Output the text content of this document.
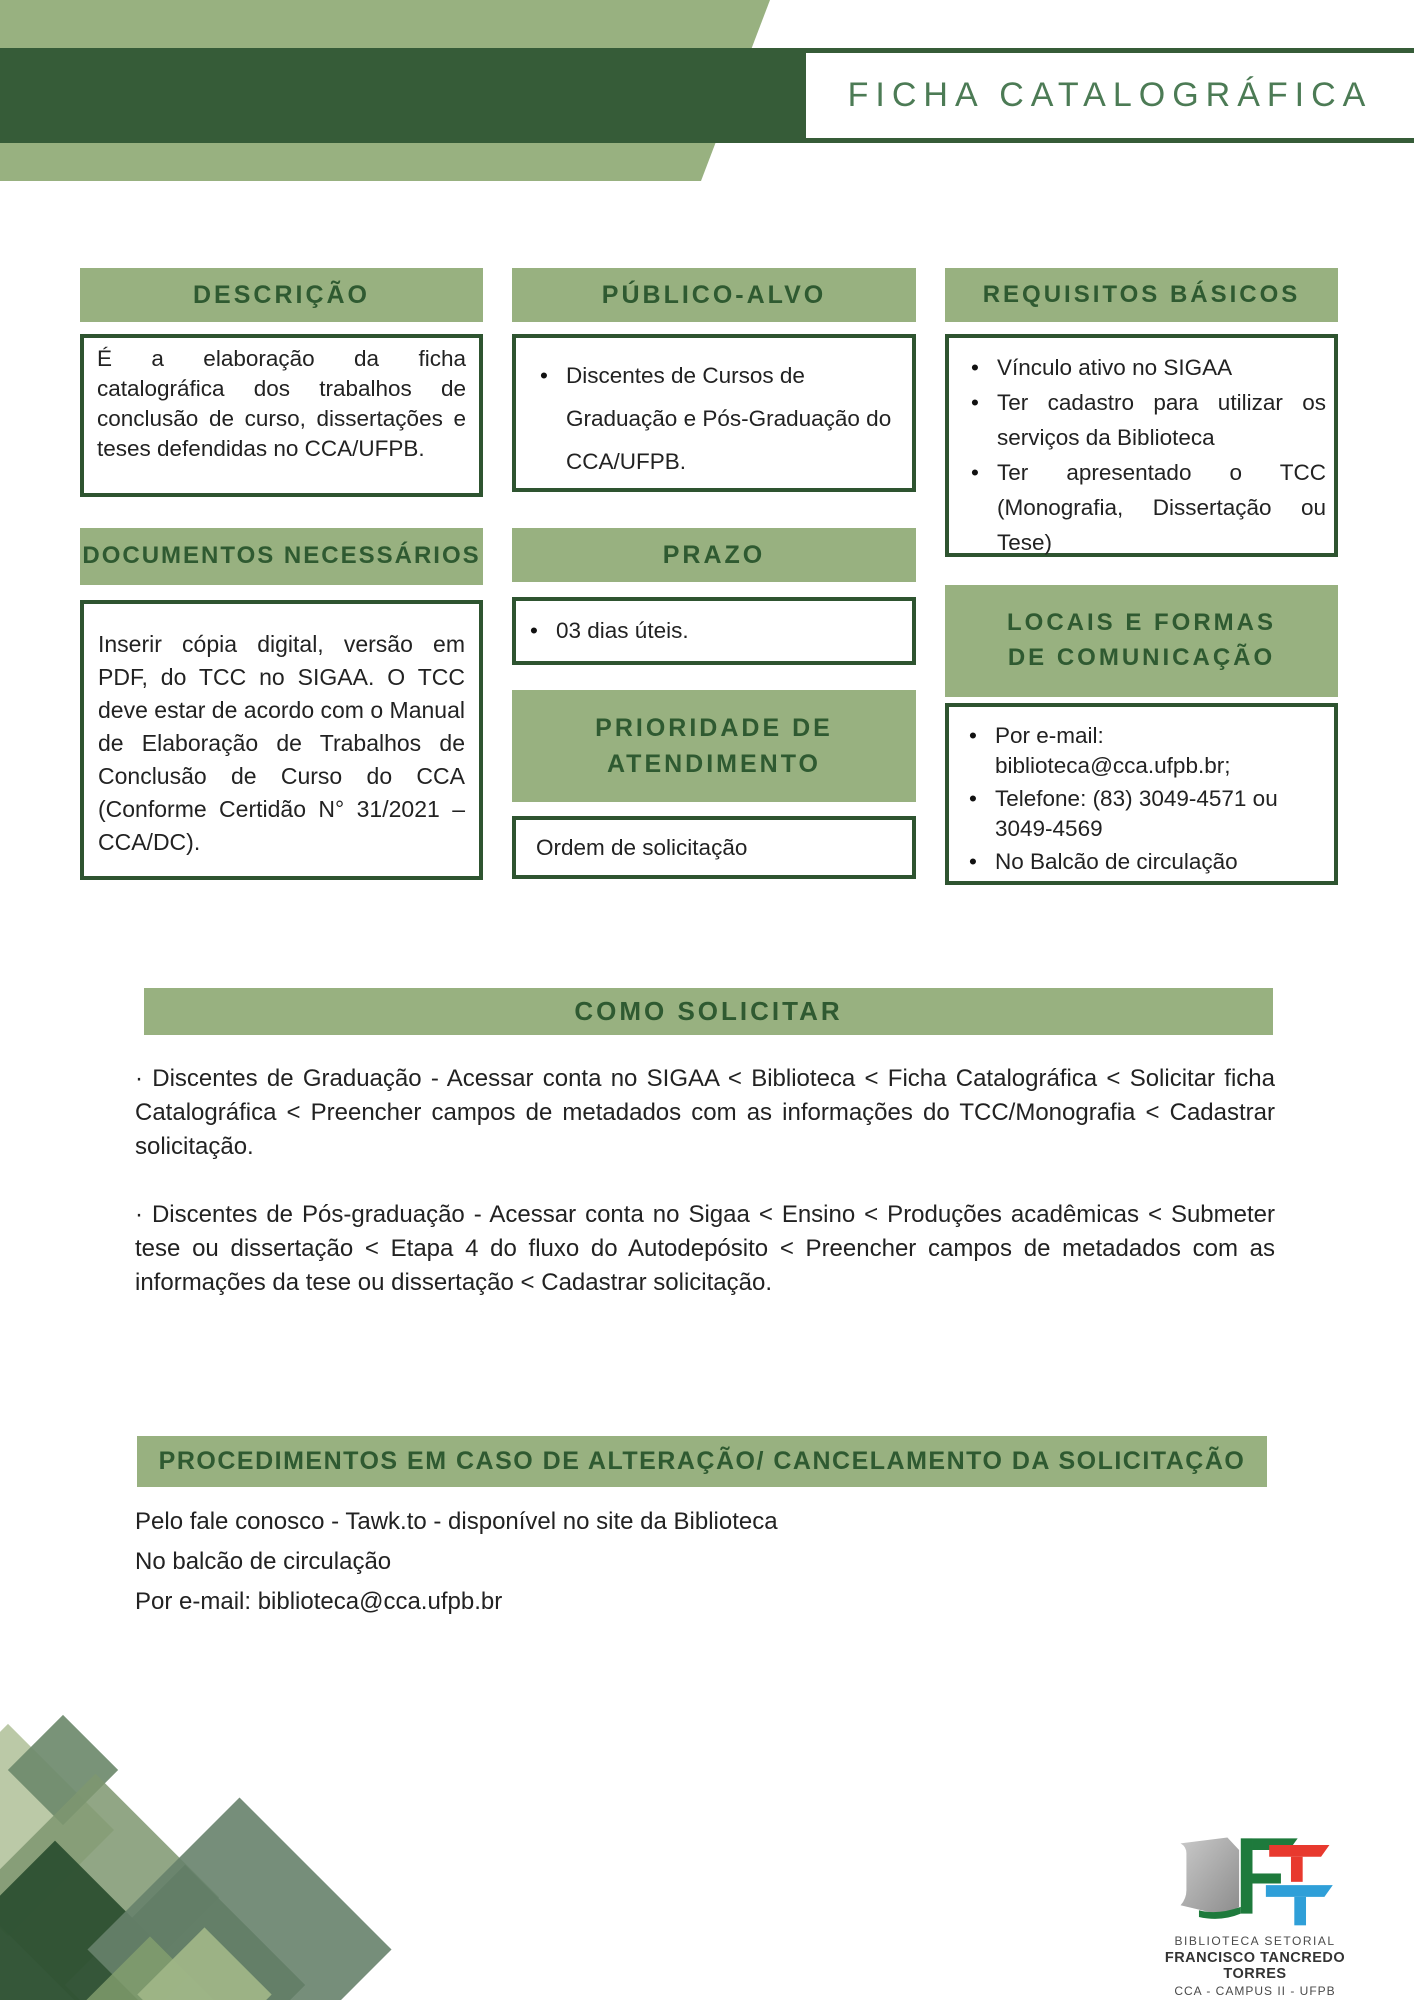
FICHA CATALOGRÁFICA
DESCRIÇÃO
É a elaboração da ficha catalográfica dos trabalhos de conclusão de curso, dissertações e teses defendidas no CCA/UFPB.
PÚBLICO-ALVO
• Discentes de Cursos de Graduação e Pós-Graduação do CCA/UFPB.
REQUISITOS BÁSICOS
• Vínculo ativo no SIGAA
• Ter cadastro para utilizar os serviços da Biblioteca
• Ter apresentado o TCC (Monografia, Dissertação ou Tese)
DOCUMENTOS NECESSÁRIOS
Inserir cópia digital, versão em PDF, do TCC no SIGAA. O TCC deve estar de acordo com o Manual de Elaboração de Trabalhos de Conclusão de Curso do CCA (Conforme Certidão N° 31/2021 – CCA/DC).
PRAZO
• 03 dias úteis.
PRIORIDADE DE ATENDIMENTO
Ordem de solicitação
LOCAIS E FORMAS DE COMUNICAÇÃO
• Por e-mail: biblioteca@cca.ufpb.br;
• Telefone: (83) 3049-4571 ou 3049-4569
• No Balcão de circulação
COMO SOLICITAR
· Discentes de Graduação - Acessar conta no SIGAA < Biblioteca < Ficha Catalográfica < Solicitar ficha Catalográfica < Preencher campos de metadados com as informações do TCC/Monografia < Cadastrar solicitação.
· Discentes de Pós-graduação - Acessar conta no Sigaa < Ensino < Produções acadêmicas < Submeter tese ou dissertação < Etapa 4 do fluxo do Autodepósito < Preencher campos de metadados com as informações da tese ou dissertação < Cadastrar solicitação.
PROCEDIMENTOS EM CASO DE ALTERAÇÃO/ CANCELAMENTO DA SOLICITAÇÃO
Pelo fale conosco - Tawk.to - disponível no site da Biblioteca
No balcão de circulação
Por e-mail: biblioteca@cca.ufpb.br
BIBLIOTECA SETORIAL
FRANCISCO TANCREDO TORRES
CCA - CAMPUS II - UFPB
